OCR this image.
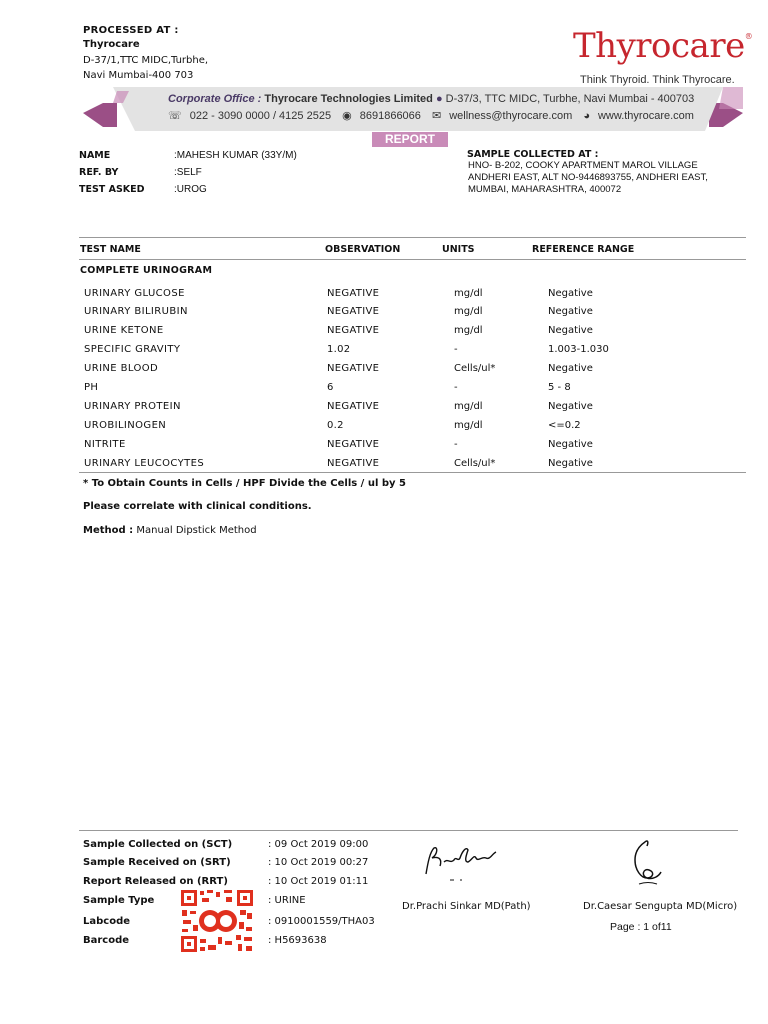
PROCESSED AT :
Thyrocare
D-37/1,TTC MIDC,Turbhe,
Navi Mumbai-400 703
Thyrocare®
Think Thyroid. Think Thyrocare.
Corporate Office : Thyrocare Technologies Limited ● D-37/3, TTC MIDC, Turbhe, Navi Mumbai - 400703
☏ 022 - 3090 0000 / 4125 2525 ◉ 8691866066 ✉ wellness@thyrocare.com ◕ www.thyrocare.com
REPORT
NAME	:MAHESH KUMAR (33Y/M)
REF. BY	:SELF
TEST ASKED	:UROG
SAMPLE COLLECTED AT :
HNO- B-202, COOKY APARTMENT MAROL VILLAGE ANDHERI EAST, ALT NO-9446893755, ANDHERI EAST, MUMBAI, MAHARASHTRA, 400072
TEST NAME	OBSERVATION	UNITS	REFERENCE RANGE
COMPLETE URINOGRAM
URINARY GLUCOSE	NEGATIVE	mg/dl	Negative
URINARY BILIRUBIN	NEGATIVE	mg/dl	Negative
URINE KETONE	NEGATIVE	mg/dl	Negative
SPECIFIC GRAVITY	1.02	-	1.003-1.030
URINE BLOOD	NEGATIVE	Cells/ul*	Negative
PH	6	-	5 - 8
URINARY PROTEIN	NEGATIVE	mg/dl	Negative
UROBILINOGEN	0.2	mg/dl	<=0.2
NITRITE	NEGATIVE	-	Negative
URINARY LEUCOCYTES	NEGATIVE	Cells/ul*	Negative
* To Obtain Counts in Cells / HPF Divide the Cells / ul by 5
Please correlate with clinical conditions.
Method : Manual Dipstick Method
Sample Collected on (SCT)	: 09 Oct 2019 09:00
Sample Received on (SRT)	: 10 Oct 2019 00:27
Report Released on (RRT)	: 10 Oct 2019 01:11
Sample Type	: URINE
Labcode	: 0910001559/THA03
Barcode	: H5693638
Dr.Prachi Sinkar MD(Path)	Dr.Caesar Sengupta MD(Micro)
Page : 1 of11
